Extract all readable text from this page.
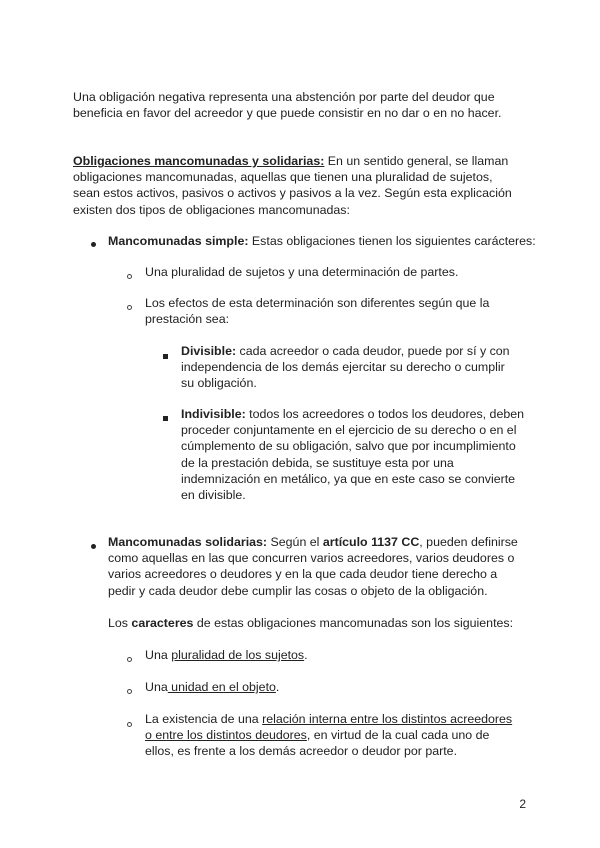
Una obligación negativa representa una abstención por parte del deudor que beneficia en favor del acreedor y que puede consistir en no dar o en no hacer.

Obligaciones mancomunadas y solidarias: En un sentido general, se llaman obligaciones mancomunadas, aquellas que tienen una pluralidad de sujetos, sean estos activos, pasivos o activos y pasivos a la vez. Según esta explicación existen dos tipos de obligaciones mancomunadas:

Mancomunadas simple: Estas obligaciones tienen los siguientes carácteres:

Una pluralidad de sujetos y una determinación de partes.

Los efectos de esta determinación son diferentes según que la prestación sea:

Divisible: cada acreedor o cada deudor, puede por sí y con independencia de los demás ejercitar su derecho o cumplir su obligación.

Indivisible: todos los acreedores o todos los deudores, deben proceder conjuntamente en el ejercicio de su derecho o en el cúmplemento de su obligación, salvo que por incumplimiento de la prestación debida, se sustituye esta por una indemnización en metálico, ya que en este caso se convierte en divisible.

Mancomunadas solidarias: Según el artículo 1137 CC, pueden definirse como aquellas en las que concurren varios acreedores, varios deudores o varios acreedores o deudores y en la que cada deudor tiene derecho a pedir y cada deudor debe cumplir las cosas o objeto de la obligación.

Los caracteres de estas obligaciones mancomunadas son los siguientes:

Una pluralidad de los sujetos.

Una unidad en el objeto.

La existencia de una relación interna entre los distintos acreedores o entre los distintos deudores, en virtud de la cual cada uno de ellos, es frente a los demás acreedor o deudor por parte.

2
